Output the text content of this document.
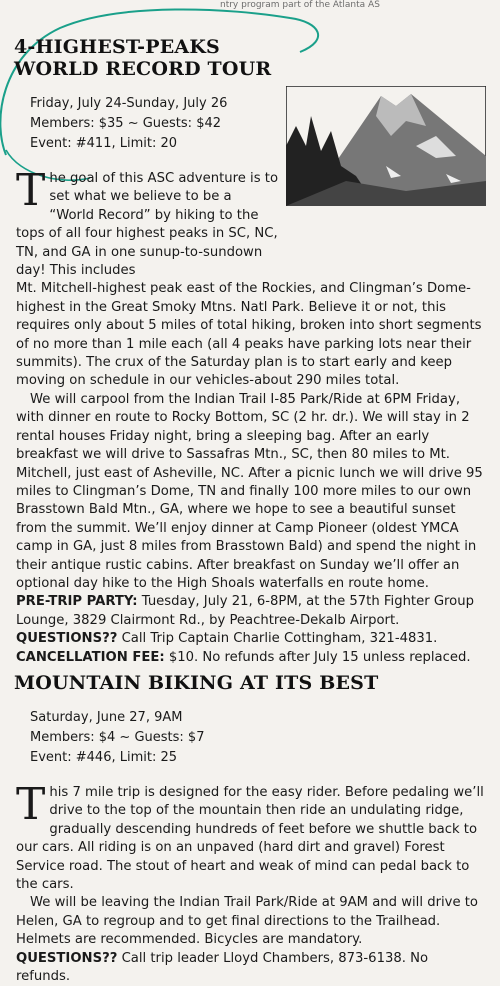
ntry program part of the Atlanta AS
4-HIGHEST-PEAKS
WORLD RECORD TOUR
Friday, July 24-Sunday, July 26
Members: $35 ~ Guests: $42
Event: #411, Limit: 20

T he goal of this ASC adventure is to set what we believe to be a “World Record” by hiking to the tops of all four highest peaks in SC, NC, TN, and GA in one sunup-to-sundown day! This includes

Mt. Mitchell-highest peak east of the Rockies, and Clingman’s Dome-highest in the Great Smoky Mtns. Natl Park. Believe it or not, this requires only about 5 miles of total hiking, broken into short segments of no more than 1 mile each (all 4 peaks have parking lots near their summits). The crux of the Saturday plan is to start early and keep moving on schedule in our vehicles-about 290 miles total.

We will carpool from the Indian Trail I-85 Park/Ride at 6PM Friday, with dinner en route to Rocky Bottom, SC (2 hr. dr.). We will stay in 2 rental houses Friday night, bring a sleeping bag. After an early breakfast we will drive to Sassafras Mtn., SC, then 80 miles to Mt. Mitchell, just east of Asheville, NC. After a picnic lunch we will drive 95 miles to Clingman’s Dome, TN and finally 100 more miles to our own Brasstown Bald Mtn., GA, where we hope to see a beautiful sunset from the summit. We’ll enjoy dinner at Camp Pioneer (oldest YMCA camp in GA, just 8 miles from Brasstown Bald) and spend the night in their antique rustic cabins. After breakfast on Sunday we’ll offer an optional day hike to the High Shoals waterfalls en route home.

PRE-TRIP PARTY: Tuesday, July 21, 6-8PM, at the 57th Fighter Group Lounge, 3829 Clairmont Rd., by Peachtree-Dekalb Airport.

QUESTIONS?? Call Trip Captain Charlie Cottingham, 321-4831.

CANCELLATION FEE: $10. No refunds after July 15 unless replaced.

MOUNTAIN BIKING AT ITS BEST
Saturday, June 27, 9AM
Members: $4 ~ Guests: $7
Event: #446, Limit: 25

T his 7 mile trip is designed for the easy rider. Before pedaling we’ll drive to the top of the mountain then ride an undulating ridge, gradually descending hundreds of feet before we shuttle back to our cars. All riding is on an unpaved (hard dirt and gravel) Forest Service road. The stout of heart and weak of mind can pedal back to the cars.

We will be leaving the Indian Trail Park/Ride at 9AM and will drive to Helen, GA to regroup and to get final directions to the Trailhead. Helmets are recommended. Bicycles are mandatory.

QUESTIONS?? Call trip leader Lloyd Chambers, 873-6138. No refunds.
